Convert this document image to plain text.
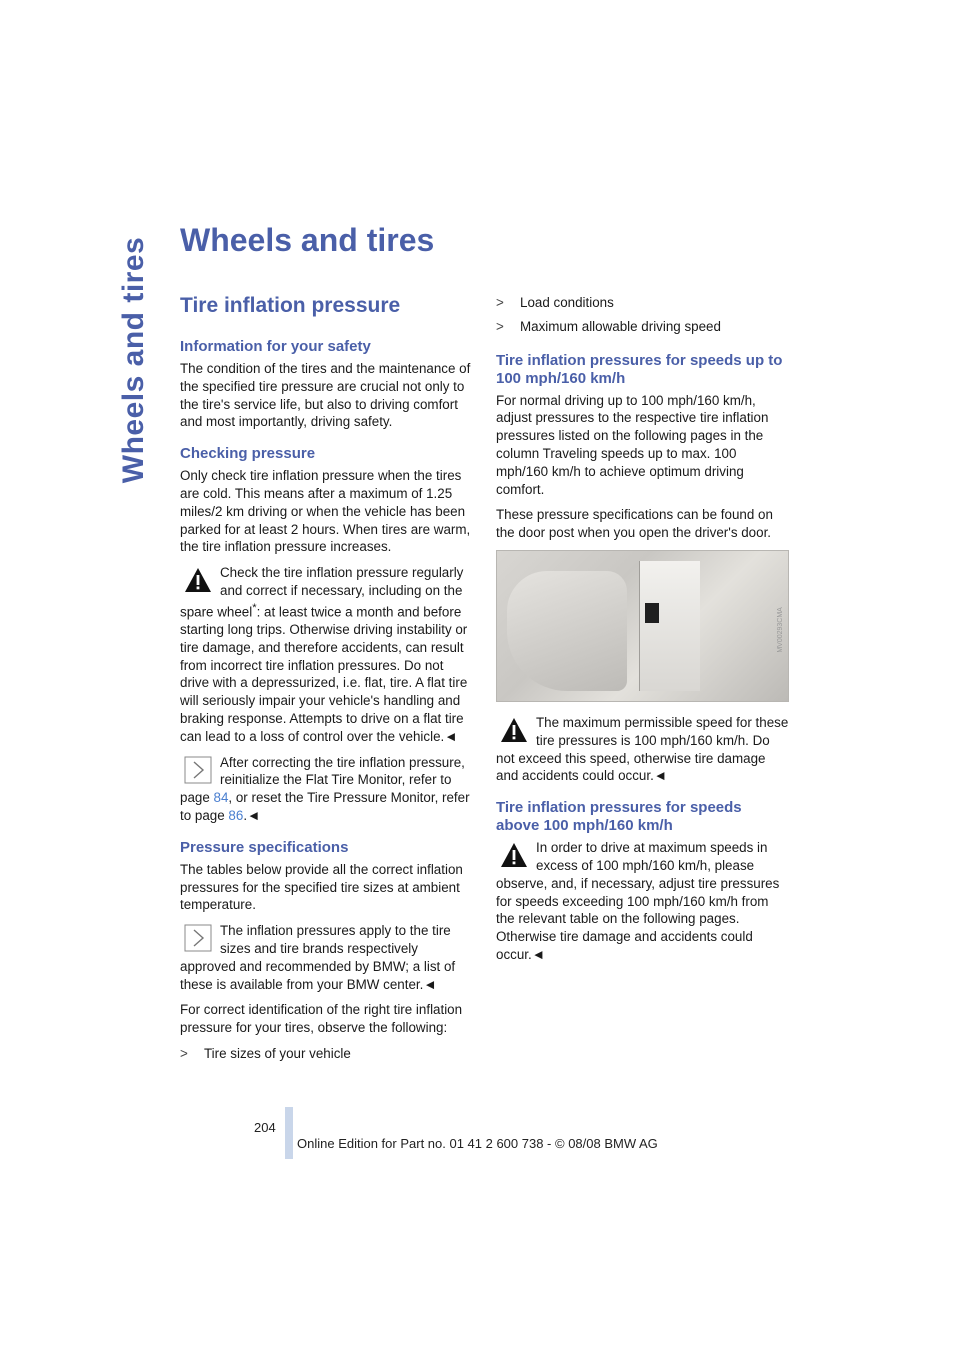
Wheels and tires Wheels and tires
Tire inflation pressure
Information for your safety

The condition of the tires and the maintenance of the specified tire pressure are crucial not only to the tire's service life, but also to driving comfort and most importantly, driving safety.

Checking pressure

Only check tire inflation pressure when the tires are cold. This means after a maximum of 1.25 miles/2 km driving or when the vehicle has been parked for at least 2 hours. When tires are warm, the tire inflation pressure increases.

Check the tire inflation pressure regularly and correct if necessary, including on the spare wheel*: at least twice a month and before starting long trips. Otherwise driving instability or tire damage, and therefore accidents, can result from incorrect tire inflation pressures. Do not drive with a depressurized, i.e. flat, tire. A flat tire will seriously impair your vehicle's handling and braking response. Attempts to drive on a flat tire can lead to a loss of control over the vehicle.◄
After correcting the tire inflation pressure, reinitialize the Flat Tire Monitor, refer to page 84, or reset the Tire Pressure Monitor, refer to page 86.◄
Pressure specifications

The tables below provide all the correct inflation pressures for the specified tire sizes at ambient temperature.

The inflation pressures apply to the tire sizes and tire brands respectively approved and recommended by BMW; a list of these is available from your BMW center.◄

For correct identification of the right tire inflation pressure for your tires, observe the following:

> Tire sizes of your vehicle
> Load conditions
> Maximum allowable driving speed
Tire inflation pressures for speeds up to 100 mph/160 km/h

For normal driving up to 100 mph/160 km/h, adjust pressures to the respective tire inflation pressures listed on the following pages in the column Traveling speeds up to max. 100 mph/160 km/h to achieve optimum driving comfort.

These pressure specifications can be found on the door post when you open the driver's door.

MV00293CMA
The maximum permissible speed for these tire pressures is 100 mph/160 km/h. Do not exceed this speed, otherwise tire damage and accidents could occur.◄
Tire inflation pressures for speeds above 100 mph/160 km/h
In order to drive at maximum speeds in excess of 100 mph/160 km/h, please observe, and, if necessary, adjust tire pressures for speeds exceeding 100 mph/160 km/h from the relevant table on the following pages. Otherwise tire damage and accidents could occur.◄
204
Online Edition for Part no. 01 41 2 600 738 - © 08/08 BMW AG
